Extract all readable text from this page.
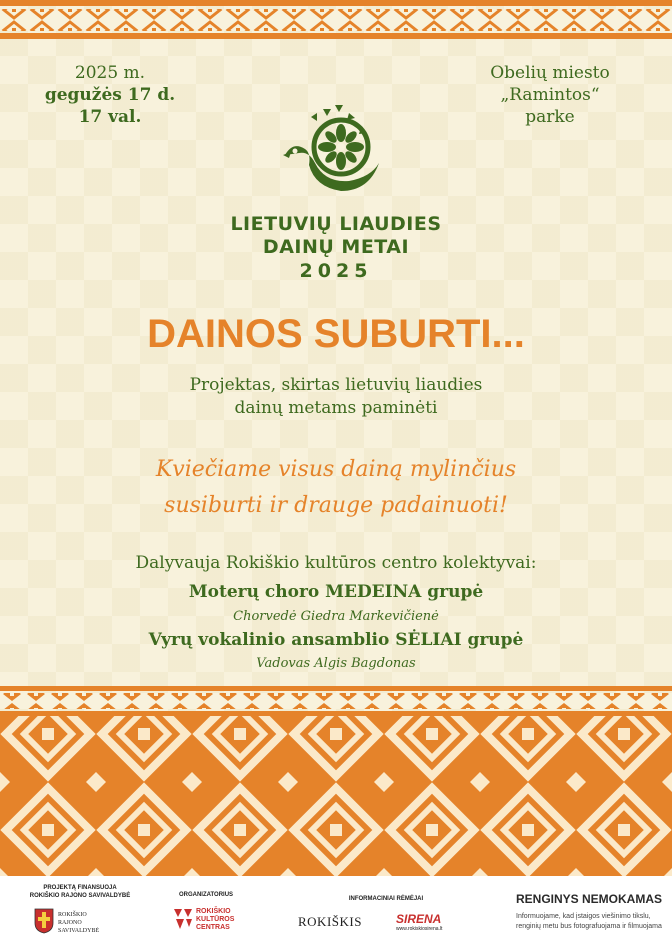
2025 m.
gegužės 17 d.
17 val.
Obelių miesto
„Ramintos“
parke
LIETUVIŲ LIAUDIES
DAINŲ METAI
2025
DAINOS SUBURTI...
Projektas, skirtas lietuvių liaudies
dainų metams paminėti
Kviečiame visus dainą mylinčius
susiburti ir drauge padainuoti!
Dalyvauja Rokiškio kultūros centro kolektyvai:
Moterų choro MEDEINA grupė
Chorvedė Giedra Markevičienė
Vyrų vokalinio ansamblio SĖLIAI grupė
Vadovas Algis Bagdonas
PROJEKTĄ FINANSUOJA
ROKIŠKIO RAJONO SAVIVALDYBĖ
ROKIŠKIO
RAJONO
SAVIVALDYBĖ
ORGANIZATORIUS
ROKIŠKIO
KULTŪROS
CENTRAS
INFORMACINIAI RĖMĖJAI
ROKIŠKIS	SIRENA
www.rokiskiosirena.lt
RENGINYS NEMOKAMAS
Informuojame, kad įstaigos viešinimo tikslu,
renginių metu bus fotografuojama ir filmuojama
